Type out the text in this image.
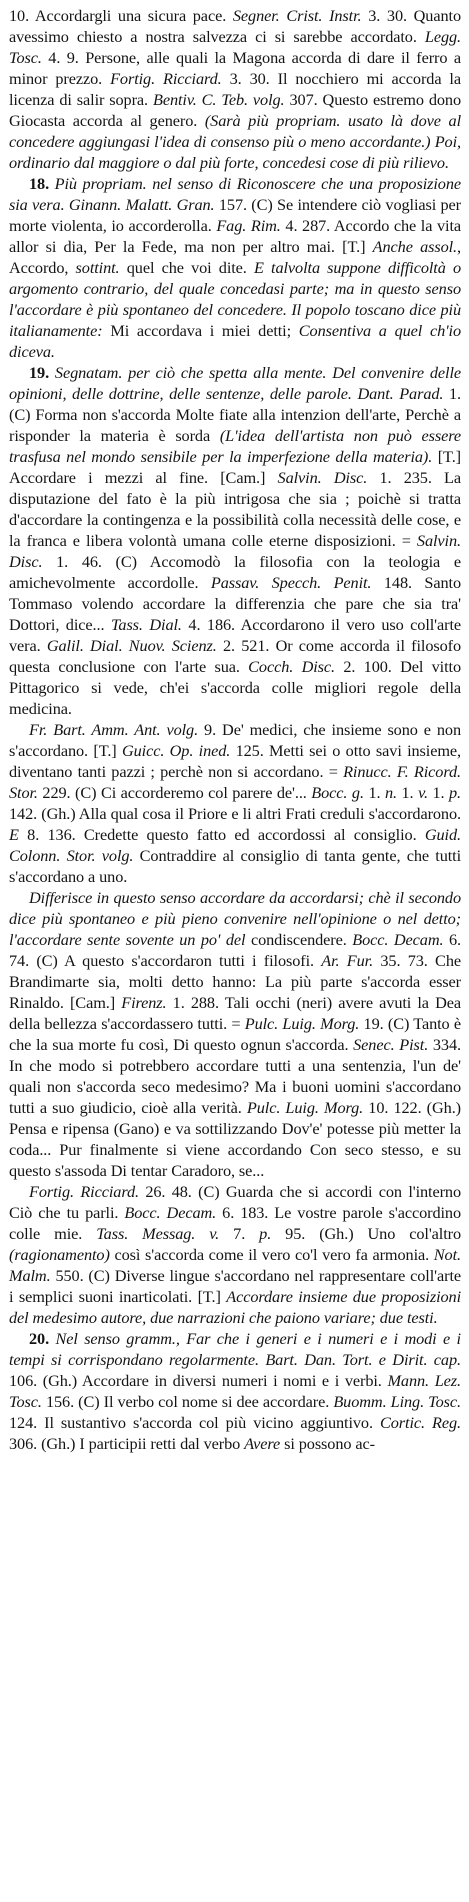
10. Accordargli una sicura pace. Segner. Crist. Instr. 3. 30. Quanto avessimo chiesto a nostra salvezza ci si sarebbe accordato. Legg. Tosc. 4. 9. Persone, alle quali la Magona accorda di dare il ferro a minor prezzo. Fortig. Ricciard. 3. 30. Il nocchiero mi accorda la licenza di salir sopra. Bentiv. C. Teb. volg. 307. Questo estremo dono Giocasta accorda al genero. (Sarà più propriam. usato là dove al concedere aggiungasi l'idea di consenso più o meno accordante.) Poi, ordinario dal maggiore o dal più forte, concedesi cose di più rilievo.

18. Più propriam. nel senso di Riconoscere che una proposizione sia vera. Ginann. Malatt. Gran. 157. (C) Se intendere ciò vogliasi per morte violenta, io accorderolla. Fag. Rim. 4. 287. Accordo che la vita allor si dia, Per la Fede, ma non per altro mai. [T.] Anche assol., Accordo, sottint. quel che voi dite. E talvolta suppone difficoltà o argomento contrario, del quale concedasi parte; ma in questo senso l'accordare è più spontaneo del concedere. Il popolo toscano dice più italianamente: Mi accordava i miei detti; Consentiva a quel ch'io diceva.

19. Segnatam. per ciò che spetta alla mente. Del convenire delle opinioni, delle dottrine, delle sentenze, delle parole. Dant. Parad. 1. (C) Forma non s'accorda Molte fiate alla intenzion dell'arte, Perchè a risponder la materia è sorda (L'idea dell'artista non può essere trasfusa nel mondo sensibile per la imperfezione della materia). [T.] Accordare i mezzi al fine. [Cam.] Salvin. Disc. 1. 235. La disputazione del fato è la più intrigosa che sia ; poichè si tratta d'accordare la contingenza e la possibilità colla necessità delle cose, e la franca e libera volontà umana colle eterne disposizioni. = Salvin. Disc. 1. 46. (C) Accomodò la filosofia con la teologia e amichevolmente accordolle. Passav. Specch. Penit. 148. Santo Tommaso volendo accordare la differenzia che pare che sia tra' Dottori, dice... Tass. Dial. 4. 186. Accordarono il vero uso coll'arte vera. Galil. Dial. Nuov. Scienz. 2. 521. Or come accorda il filosofo questa conclusione con l'arte sua. Cocch. Disc. 2. 100. Del vitto Pittagorico si vede, ch'ei s'accorda colle migliori regole della medicina.

Fr. Bart. Amm. Ant. volg. 9. De' medici, che insieme sono e non s'accordano. [T.] Guicc. Op. ined. 125. Metti sei o otto savi insieme, diventano tanti pazzi ; perchè non si accordano. = Rinucc. F. Ricord. Stor. 229. (C) Ci accorderemo col parere de'... Bocc. g. 1. n. 1. v. 1. p. 142. (Gh.) Alla qual cosa il Priore e li altri Frati creduli s'accordarono. E 8. 136. Credette questo fatto ed accordossi al consiglio. Guid. Colonn. Stor. volg. Contraddire al consiglio di tanta gente, che tutti s'accordano a uno.

Differisce in questo senso accordare da accordarsi; chè il secondo dice più spontaneo e più pieno convenire nell'opinione o nel detto; l'accordare sente sovente un po' del condiscendere. Bocc. Decam. 6. 74. (C) A questo s'accordaron tutti i filosofi. Ar. Fur. 35. 73. Che Brandimarte sia, molti detto hanno: La più parte s'accorda esser Rinaldo. [Cam.] Firenz. 1. 288. Tali occhi (neri) avere avuti la Dea della bellezza s'accordassero tutti. = Pulc. Luig. Morg. 19. (C) Tanto è che la sua morte fu così, Di questo ognun s'accorda. Senec. Pist. 334. In che modo si potrebbero accordare tutti a una sentenzia, l'un de' quali non s'accorda seco medesimo? Ma i buoni uomini s'accordano tutti a suo giudicio, cioè alla verità. Pulc. Luig. Morg. 10. 122. (Gh.) Pensa e ripensa (Gano) e va sottilizzando Dov'e' potesse più metter la coda... Pur finalmente si viene accordando Con seco stesso, e su questo s'assoda Di tentar Caradoro, se...

Fortig. Ricciard. 26. 48. (C) Guarda che si accordi con l'interno Ciò che tu parli. Bocc. Decam. 6. 183. Le vostre parole s'accordino colle mie. Tass. Messag. v. 7. p. 95. (Gh.) Uno col'altro (ragionamento) così s'accorda come il vero co'l vero fa armonia. Not. Malm. 550. (C) Diverse lingue s'accordano nel rappresentare coll'arte i semplici suoni inarticolati. [T.] Accordare insieme due proposizioni del medesimo autore, due narrazioni che paiono variare; due testi.

20. Nel senso gramm., Far che i generi e i numeri e i modi e i tempi si corrispondano regolarmente. Bart. Dan. Tort. e Dirit. cap. 106. (Gh.) Accordare in diversi numeri i nomi e i verbi. Mann. Lez. Tosc. 156. (C) Il verbo col nome si dee accordare. Buomm. Ling. Tosc. 124. Il sustantivo s'accorda col più vicino aggiuntivo. Cortic. Reg. 306. (Gh.) I participii retti dal verbo Avere si possono ac-
